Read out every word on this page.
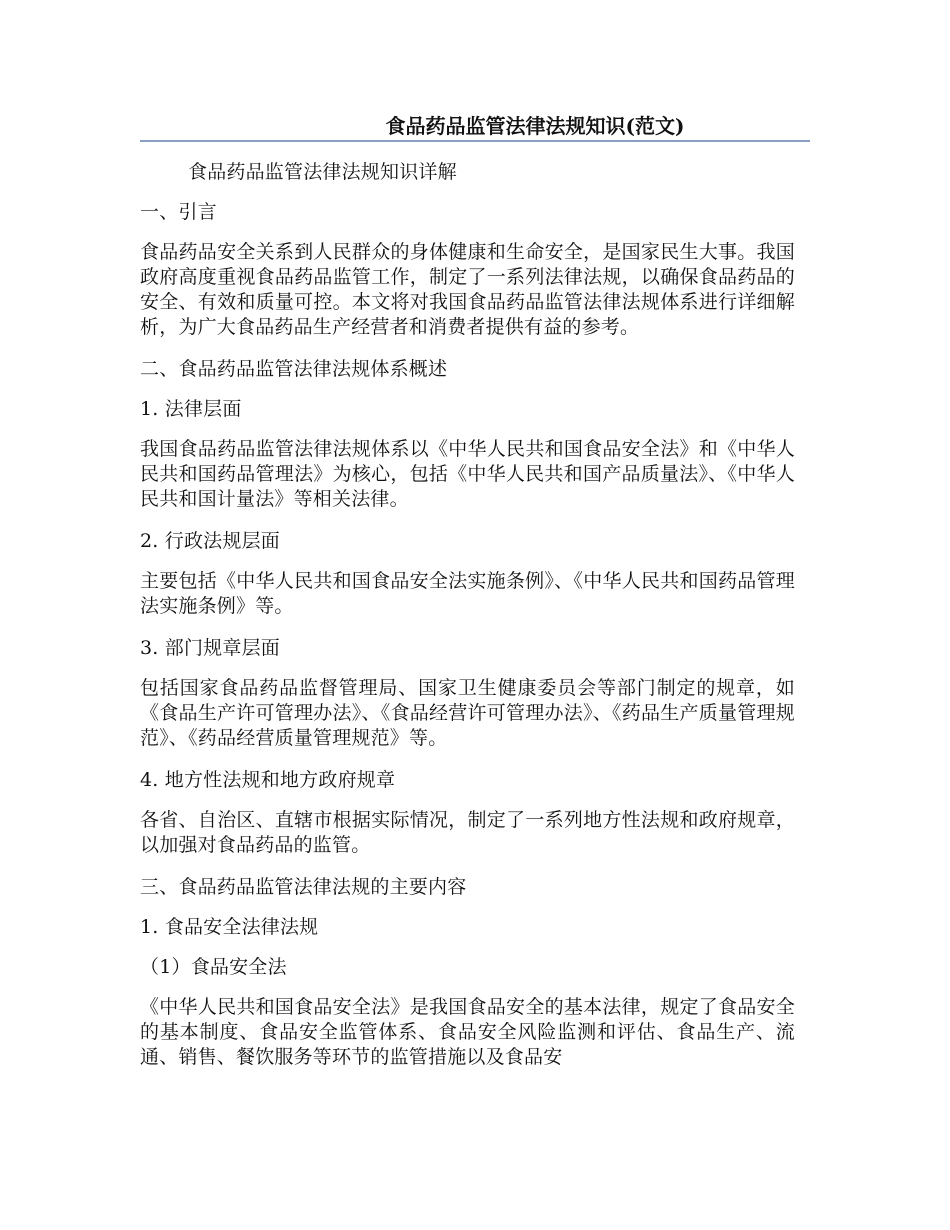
食品药品监管法律法规知识(范文)

食品药品监管法律法规知识详解

一、引言

食品药品安全关系到人民群众的身体健康和生命安全，是国家民生大事。我国政府高度重视食品药品监管工作，制定了一系列法律法规，以确保食品药品的安全、有效和质量可控。本文将对我国食品药品监管法律法规体系进行详细解析，为广大食品药品生产经营者和消费者提供有益的参考。

二、食品药品监管法律法规体系概述

1. 法律层面

我国食品药品监管法律法规体系以《中华人民共和国食品安全法》和《中华人民共和国药品管理法》为核心，包括《中华人民共和国产品质量法》、《中华人民共和国计量法》等相关法律。

2. 行政法规层面

主要包括《中华人民共和国食品安全法实施条例》、《中华人民共和国药品管理法实施条例》等。

3. 部门规章层面

包括国家食品药品监督管理局、国家卫生健康委员会等部门制定的规章，如《食品生产许可管理办法》、《食品经营许可管理办法》、《药品生产质量管理规范》、《药品经营质量管理规范》等。

4. 地方性法规和地方政府规章

各省、自治区、直辖市根据实际情况，制定了一系列地方性法规和政府规章，以加强对食品药品的监管。

三、食品药品监管法律法规的主要内容

1. 食品安全法律法规

（1）食品安全法

《中华人民共和国食品安全法》是我国食品安全的基本法律，规定了食品安全的基本制度、食品安全监管体系、食品安全风险监测和评估、食品生产、流通、销售、餐饮服务等环节的监管措施以及食品安
